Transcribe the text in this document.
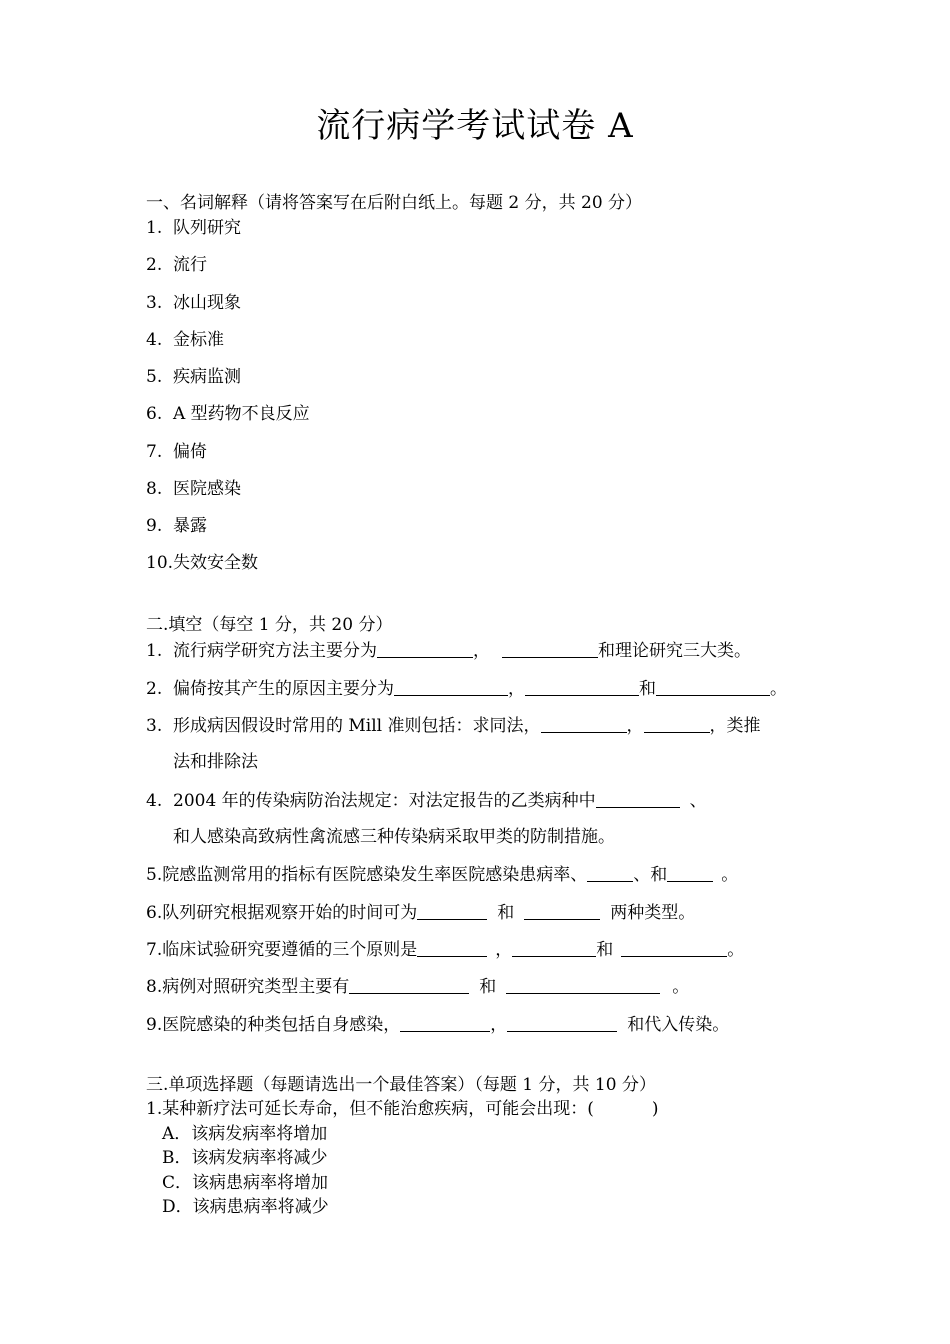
流行病学考试试卷 A
一、名词解释（请将答案写在后附白纸上。每题 2 分，共 20 分）
1. 队列研究
2. 流行
3. 冰山现象
4. 金标准
5. 疾病监测
6. A 型药物不良反应
7. 偏倚
8. 医院感染
9. 暴露
10.失效安全数
二.填空（每空 1 分，共 20 分）
1. 流行病学研究方法主要分为	，	和理论研究三大类。
2. 偏倚按其产生的原因主要分为	，	和	。
3. 形成病因假设时常用的 Mill 准则包括：求同法，	，	，类推
法和排除法
4. 2004 年的传染病防治法规定：对法定报告的乙类病种中	、
和人感染高致病性禽流感三种传染病采取甲类的防制措施。
5.院感监测常用的指标有医院感染发生率医院感染患病率、	、和	。
6.队列研究根据观察开始的时间可为	和	两种类型。
7.临床试验研究要遵循的三个原则是	，	和	。
8.病例对照研究类型主要有	和	。
9.医院感染的种类包括自身感染，	，	和代入传染。
三.单项选择题（每题请选出一个最佳答案）（每题 1 分，共 10 分）
1.某种新疗法可延长寿命，但不能治愈疾病，可能会出现：(	)
A．该病发病率将增加
B．该病发病率将减少
C．该病患病率将增加
D．该病患病率将减少
